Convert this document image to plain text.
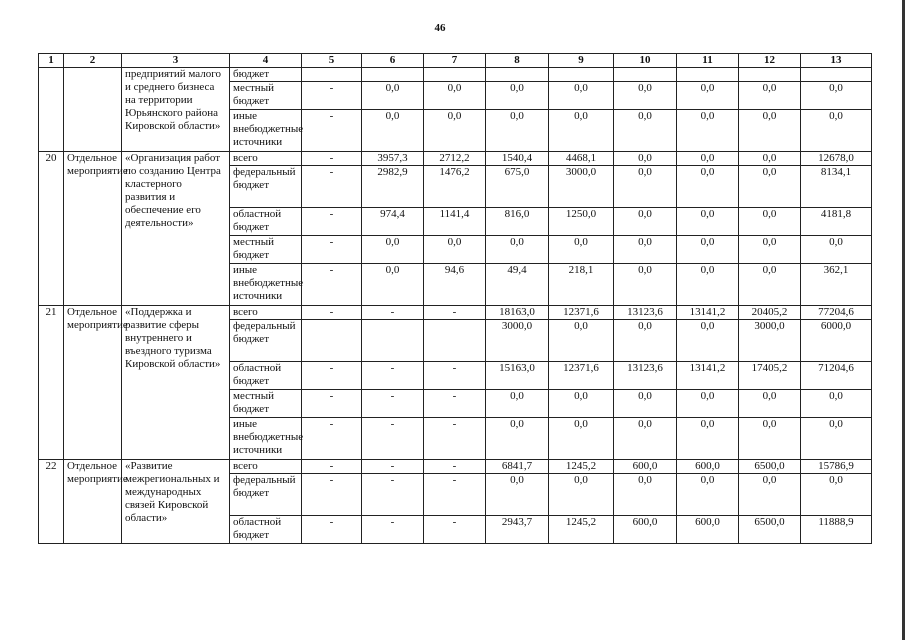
46
1	2	3	4	5	6	7	8	9	10	11	12	13
		предприятий малого и среднего бизнеса на территории Юрьянского района Кировской области»	бюджет									
			местный бюджет	-	0,0	0,0	0,0	0,0	0,0	0,0	0,0	0,0
			иные внебюджетные источники	-	0,0	0,0	0,0	0,0	0,0	0,0	0,0	0,0
20	Отдельное мероприятие	«Организация работ по созданию Центра кластерного развития и обеспечение его деятельности»	всего	-	3957,3	2712,2	1540,4	4468,1	0,0	0,0	0,0	12678,0
			федеральный бюджет	-	2982,9	1476,2	675,0	3000,0	0,0	0,0	0,0	8134,1
			областной бюджет	-	974,4	1141,4	816,0	1250,0	0,0	0,0	0,0	4181,8
			местный бюджет	-	0,0	0,0	0,0	0,0	0,0	0,0	0,0	0,0
			иные внебюджетные источники	-	0,0	94,6	49,4	218,1	0,0	0,0	0,0	362,1
21	Отдельное мероприятие	«Поддержка и развитие сферы внутреннего и въездного туризма Кировской области»	всего	-	-	-	18163,0	12371,6	13123,6	13141,2	20405,2	77204,6
			федеральный бюджет				3000,0	0,0	0,0	0,0	3000,0	6000,0
			областной бюджет	-	-	-	15163,0	12371,6	13123,6	13141,2	17405,2	71204,6
			местный бюджет	-	-	-	0,0	0,0	0,0	0,0	0,0	0,0
			иные внебюджетные источники	-	-	-	0,0	0,0	0,0	0,0	0,0	0,0
22	Отдельное мероприятие	«Развитие межрегиональных и международных связей Кировской области»	всего	-	-	-	6841,7	1245,2	600,0	600,0	6500,0	15786,9
			федеральный бюджет	-	-	-	0,0	0,0	0,0	0,0	0,0	0,0
			областной бюджет	-	-	-	2943,7	1245,2	600,0	600,0	6500,0	11888,9
